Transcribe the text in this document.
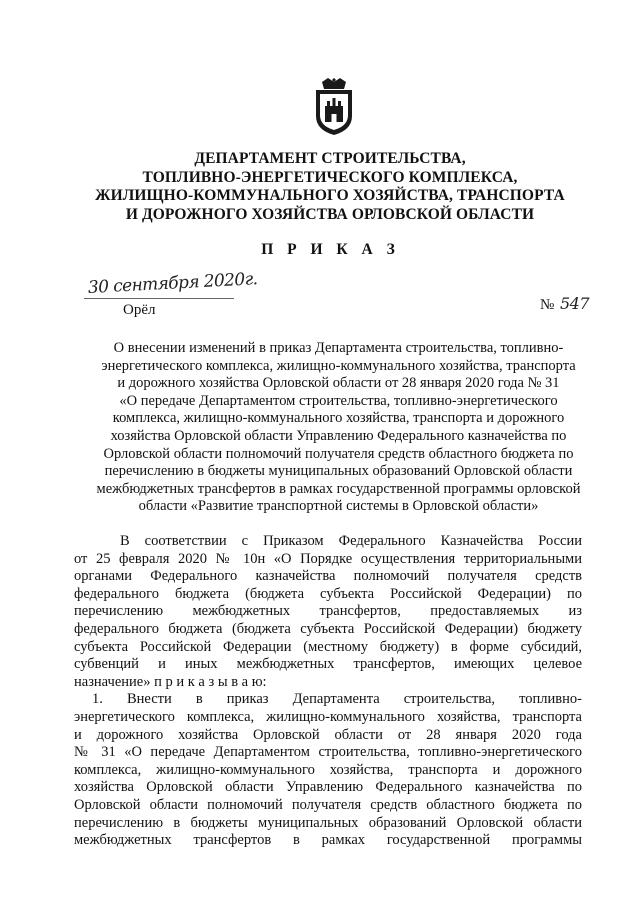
ДЕПАРТАМЕНТ СТРОИТЕЛЬСТВА,
ТОПЛИВНО-ЭНЕРГЕТИЧЕСКОГО КОМПЛЕКСА,
ЖИЛИЩНО-КОММУНАЛЬНОГО ХОЗЯЙСТВА, ТРАНСПОРТА
И ДОРОЖНОГО ХОЗЯЙСТВА ОРЛОВСКОЙ ОБЛАСТИ
П Р И К А З
30 сентября 2020г.
Орёл	№ 547
О внесении изменений в приказ Департамента строительства, топливно-
энергетического комплекса, жилищно-коммунального хозяйства, транспорта
и дорожного хозяйства Орловской области от 28 января 2020 года № 31
«О передаче Департаментом строительства, топливно-энергетического
комплекса, жилищно-коммунального хозяйства, транспорта и дорожного
хозяйства Орловской области Управлению Федерального казначейства по
Орловской области полномочий получателя средств областного бюджета по
перечислению в бюджеты муниципальных образований Орловской области
межбюджетных трансфертов в рамках государственной программы орловской
области «Развитие транспортной системы в Орловской области»
В соответствии с Приказом Федерального Казначейства России
от 25 февраля 2020 № 10н «О Порядке осуществления территориальными
органами Федерального казначейства полномочий получателя средств
федерального бюджета (бюджета субъекта Российской Федерации) по
перечислению межбюджетных трансфертов, предоставляемых из
федерального бюджета (бюджета субъекта Российской Федерации) бюджету
субъекта Российской Федерации (местному бюджету) в форме субсидий,
субвенций и иных межбюджетных трансфертов, имеющих целевое
назначение» п р и к а з ы в а ю:
1. Внести в приказ Департамента строительства, топливно-
энергетического комплекса, жилищно-коммунального хозяйства, транспорта
и дорожного хозяйства Орловской области от 28 января 2020 года
№ 31 «О передаче Департаментом строительства, топливно-энергетического
комплекса, жилищно-коммунального хозяйства, транспорта и дорожного
хозяйства Орловской области Управлению Федерального казначейства по
Орловской области полномочий получателя средств областного бюджета по
перечислению в бюджеты муниципальных образований Орловской области
межбюджетных трансфертов в рамках государственной программы
